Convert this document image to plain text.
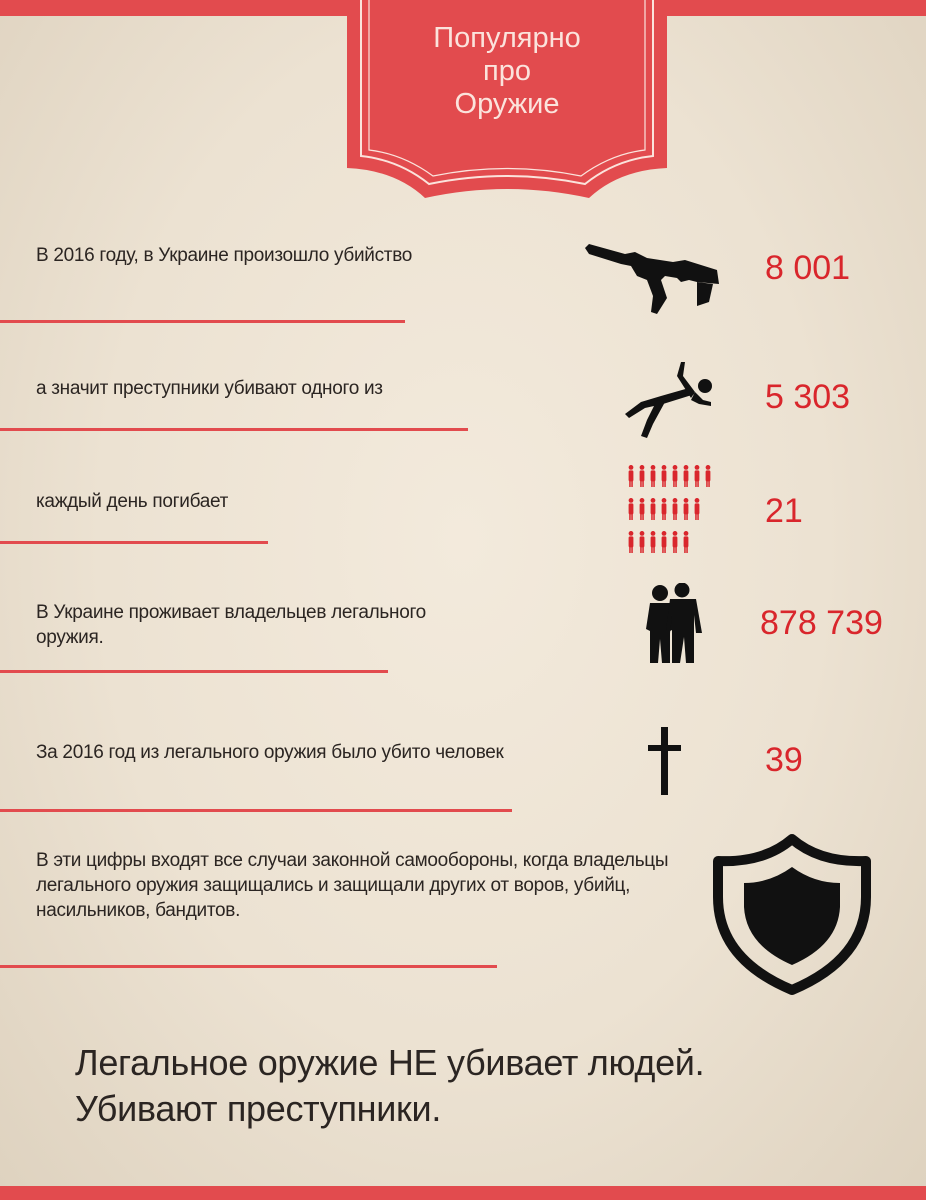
Популярно
про
Оружие
В 2016 году, в Украине произошло убийство	8 001
а значит преступники убивают одного из	5 303
каждый день погибает	21
В Украине проживает владельцев легального оружия.	878 739
За 2016 год из легального оружия было убито человек	39
В эти цифры входят все случаи законной самообороны, когда владельцы легального оружия защищались и защищали других от воров, убийц, насильников, бандитов.
Легальное оружие НЕ убивает людей.
Убивают преступники.
